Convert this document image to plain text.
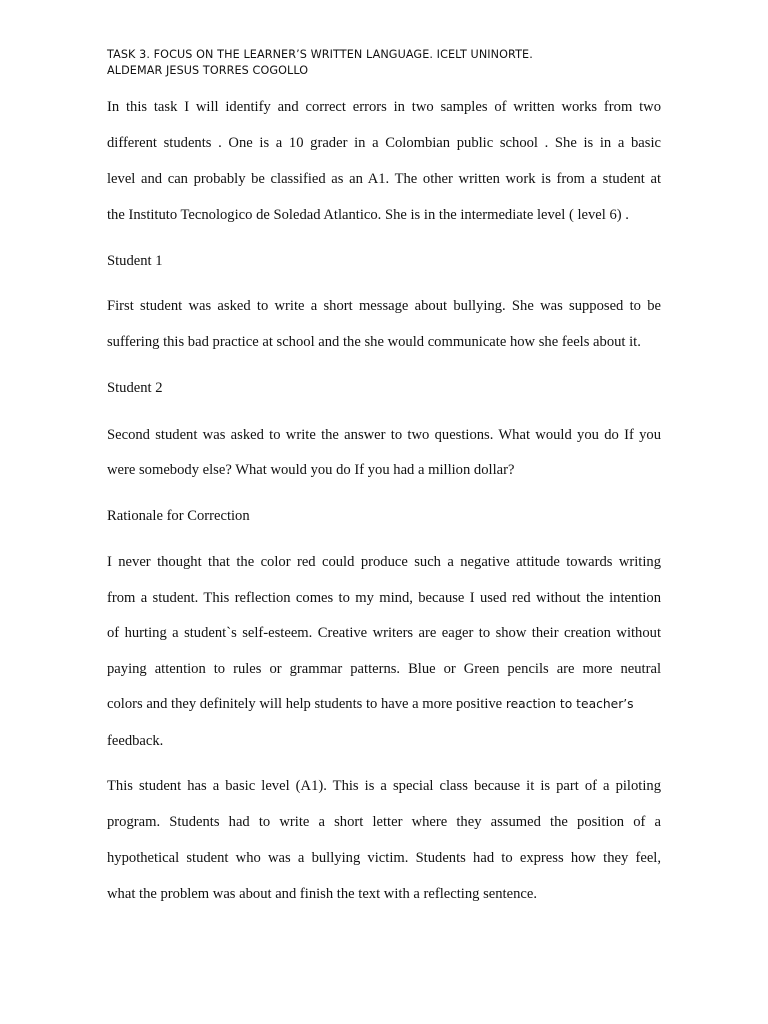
TASK 3. FOCUS ON THE LEARNER’S WRITTEN LANGUAGE. ICELT UNINORTE.
ALDEMAR JESUS TORRES COGOLLO
In this task I will identify and correct errors in two samples of written works from two
different students . One is a 10 grader in a Colombian public school . She is in a basic
level and can probably be classified as an A1. The other written work is from a student at
the Instituto Tecnologico de Soledad Atlantico. She is in the intermediate level ( level 6) .
Student 1
First student was asked to write a short message about bullying. She was supposed to be
suffering this bad practice at school and the she would communicate how she feels about it.
Student 2
Second student was asked to write the answer to two questions. What would you do If you
were somebody else? What would you do If you had a million dollar?
Rationale for Correction
I never thought that the color red could produce such a negative attitude towards writing
from a student. This reflection comes to my mind, because I used red without the intention
of hurting a student`s self-esteem. Creative writers are eager to show their creation without
paying attention to rules or grammar patterns. Blue or Green pencils are more neutral
colors and they definitely will help students to have a more positive reaction to teacher’s
feedback.
This student has a basic level (A1). This is a special class because it is part of a piloting
program. Students had to write a short letter where they assumed the position of a
hypothetical student who was a bullying victim. Students had to express how they feel,
what the problem was about and finish the text with a reflecting sentence.
